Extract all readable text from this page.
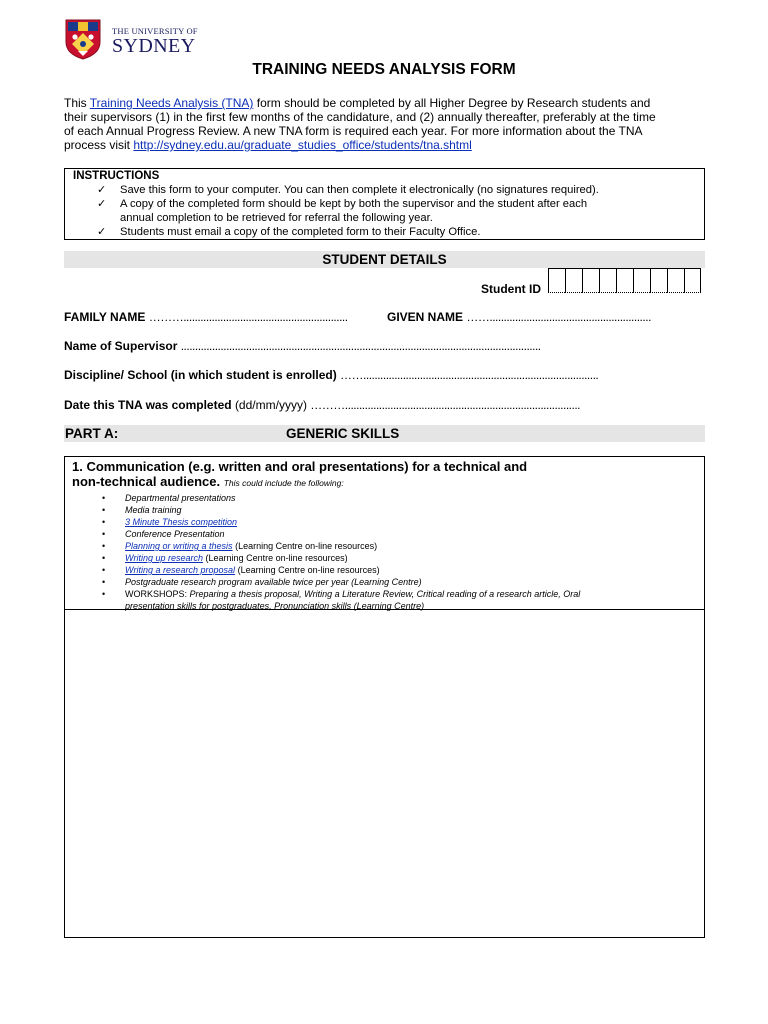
THE UNIVERSITY OF
SYDNEY
TRAINING NEEDS ANALYSIS FORM
This Training Needs Analysis (TNA) form should be completed by all Higher Degree by Research students and
their supervisors (1) in the first few months of the candidature, and (2) annually thereafter, preferably at the time
of each Annual Progress Review. A new TNA form is required each year. For more information about the TNA
process visit http://sydney.edu.au/graduate_studies_office/students/tna.shtml
INSTRUCTIONS
✓ Save this form to your computer. You can then complete it electronically (no signatures required).
✓ A copy of the completed form should be kept by both the supervisor and the student after each
annual completion to be retrieved for referral the following year.
✓ Students must email a copy of the completed form to their Faculty Office.
STUDENT DETAILS
Student ID
FAMILY NAME ………..........................................................	GIVEN NAME …….........................................................
Name of Supervisor ...............................................................................................................................
Discipline/ School (in which student is enrolled) ……...................................................................................
Date this TNA was completed (dd/mm/yyyy) ………...................................................................................
PART A:	GENERIC SKILLS
1. Communication (e.g. written and oral presentations) for a technical and
non-technical audience. This could include the following:
• Departmental presentations
• Media training
• 3 Minute Thesis competition
• Conference Presentation
• Planning or writing a thesis (Learning Centre on-line resources)
• Writing up research (Learning Centre on-line resources)
• Writing a research proposal (Learning Centre on-line resources)
• Postgraduate research program available twice per year (Learning Centre)
• WORKSHOPS: Preparing a thesis proposal, Writing a Literature Review, Critical reading of a research article, Oral
presentation skills for postgraduates, Pronunciation skills (Learning Centre)
